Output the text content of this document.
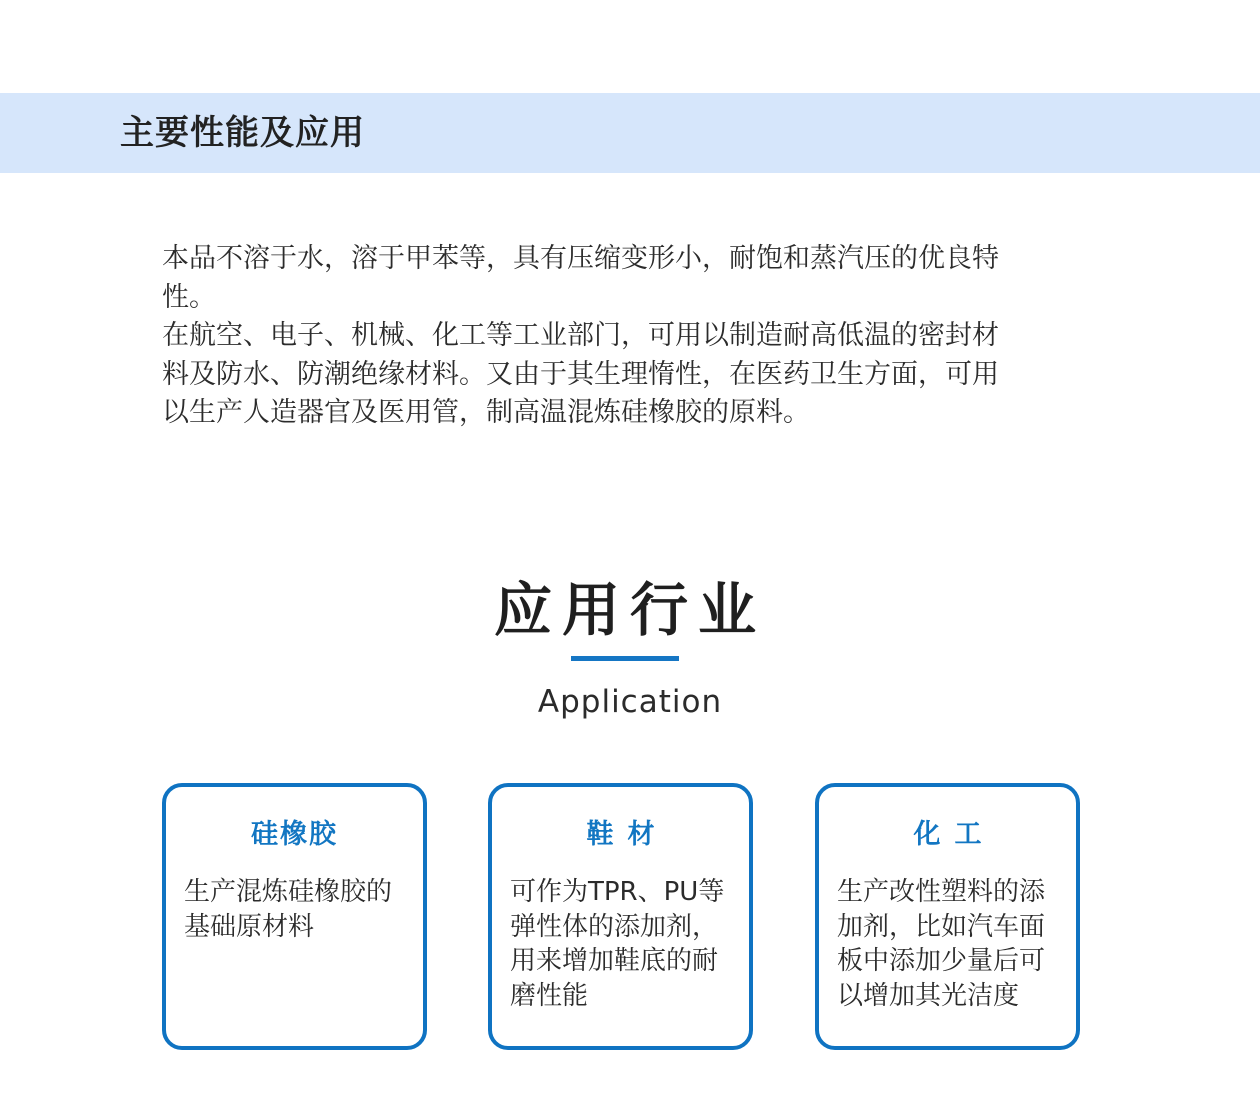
主要性能及应用

本品不溶于水，溶于甲苯等，具有压缩变形小，耐饱和蒸汽压的优良特性。

在航空、电子、机械、化工等工业部门，可用以制造耐高低温的密封材料及防水、防潮绝缘材料。又由于其生理惰性，在医药卫生方面，可用以生产人造器官及医用管，制高温混炼硅橡胶的原料。

应用行业
Application
硅橡胶
生产混炼硅橡胶的基础原材料
鞋材
可作为TPR、PU等弹性体的添加剂，用来增加鞋底的耐磨性能
化工
生产改性塑料的添加剂，比如汽车面板中添加少量后可以增加其光洁度
